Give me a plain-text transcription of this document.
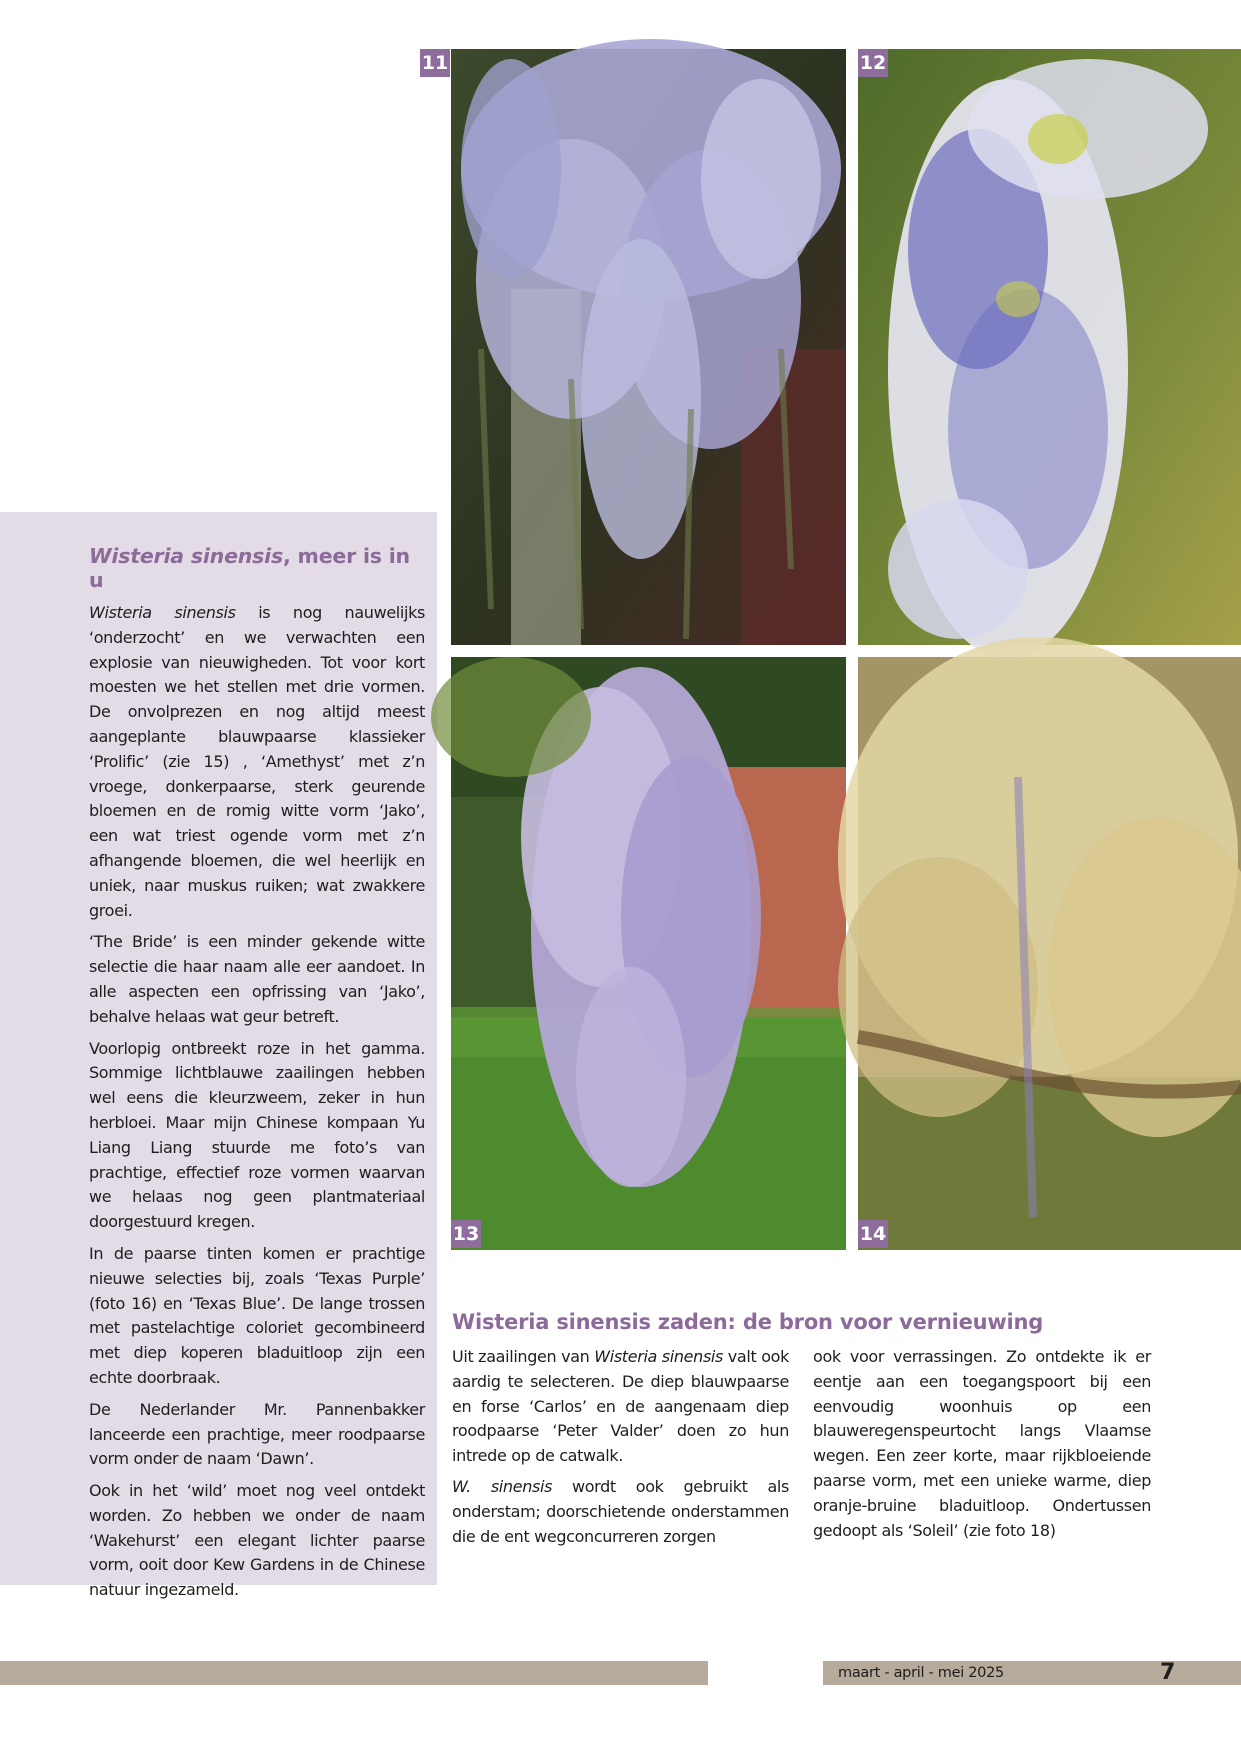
Wisteria sinensis, meer is in u

Wisteria sinensis is nog nauwelijks ‘onderzocht’ en we verwachten een explosie van nieuwigheden. Tot voor kort moesten we het stellen met drie vormen. De onvolprezen en nog altijd meest aangeplante blauwpaarse klassieker ‘Prolific’ (zie 15) , ‘Amethyst’ met z’n vroege, donkerpaarse, sterk geurende bloemen en de romig witte vorm ‘Jako’, een wat triest ogende vorm met z’n afhangende bloemen, die wel heerlijk en uniek, naar muskus ruiken; wat zwakkere groei.

‘The Bride’ is een minder gekende witte selectie die haar naam alle eer aandoet. In alle aspecten een opfrissing van ‘Jako’, behalve helaas wat geur betreft.

Voorlopig ontbreekt roze in het gamma. Sommige lichtblauwe zaailingen hebben wel eens die kleurzweem, zeker in hun herbloei. Maar mijn Chinese kompaan Yu Liang Liang stuurde me foto’s van prachtige, effectief roze vormen waarvan we helaas nog geen plantmateriaal doorgestuurd kregen.

In de paarse tinten komen er prachtige nieuwe selecties bij, zoals ‘Texas Purple’ (foto 16) en ‘Texas Blue’. De lange trossen met pastelachtige coloriet gecombineerd met diep koperen bladuitloop zijn een echte doorbraak.

De Nederlander Mr. Pannenbakker lanceerde een prachtige, meer roodpaarse vorm onder de naam ‘Dawn’.

Ook in het ‘wild’ moet nog veel ontdekt worden. Zo hebben we onder de naam ‘Wakehurst’ een elegant lichter paarse vorm, ooit door Kew Gardens in de Chinese natuur ingezameld.

11	12
13	14
Wisteria sinensis zaden: de bron voor vernieuwing

Uit zaailingen van Wisteria sinensis valt ook aardig te selecteren. De diep blauwpaarse en forse ‘Carlos’ en de aangenaam diep roodpaarse ‘Peter Valder’ doen zo hun intrede op de catwalk.

W. sinensis wordt ook gebruikt als onderstam; doorschietende onderstammen die de ent wegconcurreren zorgen

ook voor verrassingen. Zo ontdekte ik er eentje aan een toegangspoort bij een eenvoudig woonhuis op een blauweregenspeurtocht langs Vlaamse wegen. Een zeer korte, maar rijkbloeiende paarse vorm, met een unieke warme, diep oranje-bruine bladuitloop. Ondertussen gedoopt als ‘Soleil’ (zie foto 18)

maart - april - mei 2025	7
